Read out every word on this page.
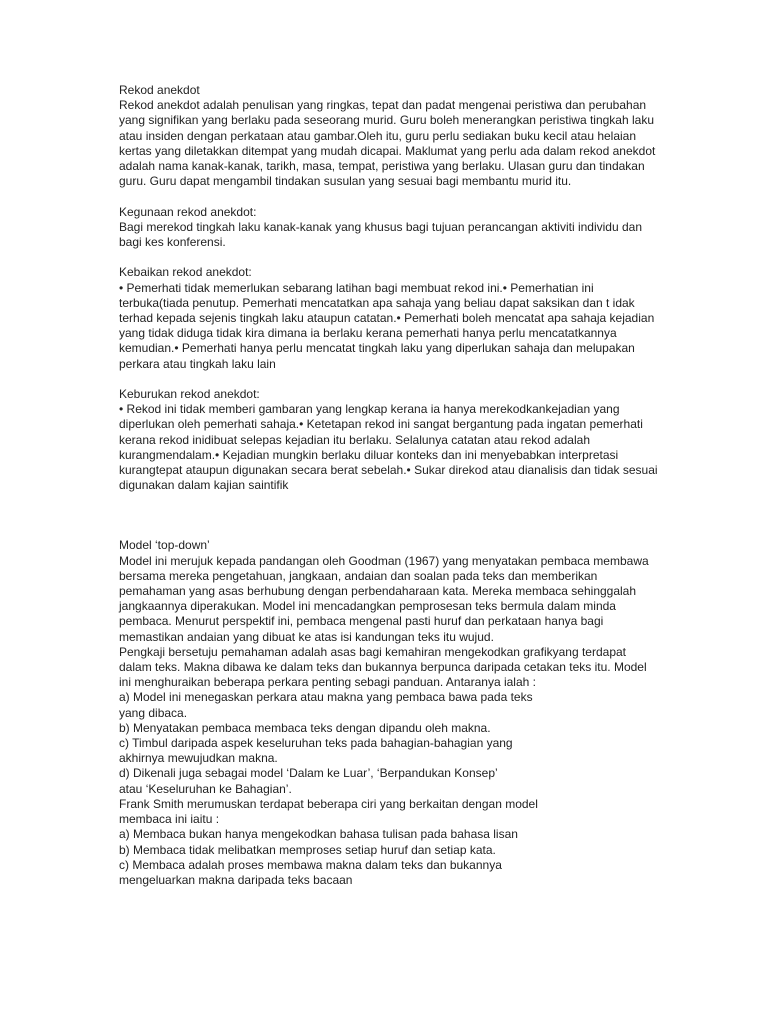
Rekod anekdot
Rekod anekdot adalah penulisan yang ringkas, tepat dan padat mengenai peristiwa dan perubahan
yang signifikan yang berlaku pada seseorang murid. Guru boleh menerangkan peristiwa tingkah laku
atau insiden dengan perkataan atau gambar.Oleh itu, guru perlu sediakan buku kecil atau helaian
kertas yang diletakkan ditempat yang mudah dicapai. Maklumat yang perlu ada dalam rekod anekdot
adalah nama kanak-kanak, tarikh, masa, tempat, peristiwa yang berlaku. Ulasan guru dan tindakan
guru. Guru dapat mengambil tindakan susulan yang sesuai bagi membantu murid itu.
Kegunaan rekod anekdot:
Bagi merekod tingkah laku kanak-kanak yang khusus bagi tujuan perancangan aktiviti individu dan
bagi kes konferensi.
Kebaikan rekod anekdot:
• Pemerhati tidak memerlukan sebarang latihan bagi membuat rekod ini.• Pemerhatian ini
terbuka(tiada penutup. Pemerhati mencatatkan apa sahaja yang beliau dapat saksikan dan t idak
terhad kepada sejenis tingkah laku ataupun catatan.• Pemerhati boleh mencatat apa sahaja kejadian
yang tidak diduga tidak kira dimana ia berlaku kerana pemerhati hanya perlu mencatatkannya
kemudian.• Pemerhati hanya perlu mencatat tingkah laku yang diperlukan sahaja dan melupakan
perkara atau tingkah laku lain
Keburukan rekod anekdot:
• Rekod ini tidak memberi gambaran yang lengkap kerana ia hanya merekodkankejadian yang
diperlukan oleh pemerhati sahaja.• Ketetapan rekod ini sangat bergantung pada ingatan pemerhati
kerana rekod inidibuat selepas kejadian itu berlaku. Selalunya catatan atau rekod adalah
kurangmendalam.• Kejadian mungkin berlaku diluar konteks dan ini menyebabkan interpretasi
kurangtepat ataupun digunakan secara berat sebelah.• Sukar direkod atau dianalisis dan tidak sesuai
digunakan dalam kajian saintifik
Model ‘top-down’
Model ini merujuk kepada pandangan oleh Goodman (1967) yang menyatakan pembaca membawa
bersama mereka pengetahuan, jangkaan, andaian dan soalan pada teks dan memberikan
pemahaman yang asas berhubung dengan perbendaharaan kata. Mereka membaca sehinggalah
jangkaannya diperakukan. Model ini mencadangkan pemprosesan teks bermula dalam minda
pembaca. Menurut perspektif ini, pembaca mengenal pasti huruf dan perkataan hanya bagi
memastikan andaian yang dibuat ke atas isi kandungan teks itu wujud.
Pengkaji bersetuju pemahaman adalah asas bagi kemahiran mengekodkan grafikyang terdapat
dalam teks. Makna dibawa ke dalam teks dan bukannya berpunca daripada cetakan teks itu. Model
ini menghuraikan beberapa perkara penting sebagi panduan. Antaranya ialah :
a) Model ini menegaskan perkara atau makna yang pembaca bawa pada teks
yang dibaca.
b) Menyatakan pembaca membaca teks dengan dipandu oleh makna.
c) Timbul daripada aspek keseluruhan teks pada bahagian-bahagian yang
akhirnya mewujudkan makna.
d) Dikenali juga sebagai model ‘Dalam ke Luar’, ‘Berpandukan Konsep’
atau ‘Keseluruhan ke Bahagian’.
Frank Smith merumuskan terdapat beberapa ciri yang berkaitan dengan model
membaca ini iaitu :
a) Membaca bukan hanya mengekodkan bahasa tulisan pada bahasa lisan
b) Membaca tidak melibatkan memproses setiap huruf dan setiap kata.
c) Membaca adalah proses membawa makna dalam teks dan bukannya
mengeluarkan makna daripada teks bacaan
